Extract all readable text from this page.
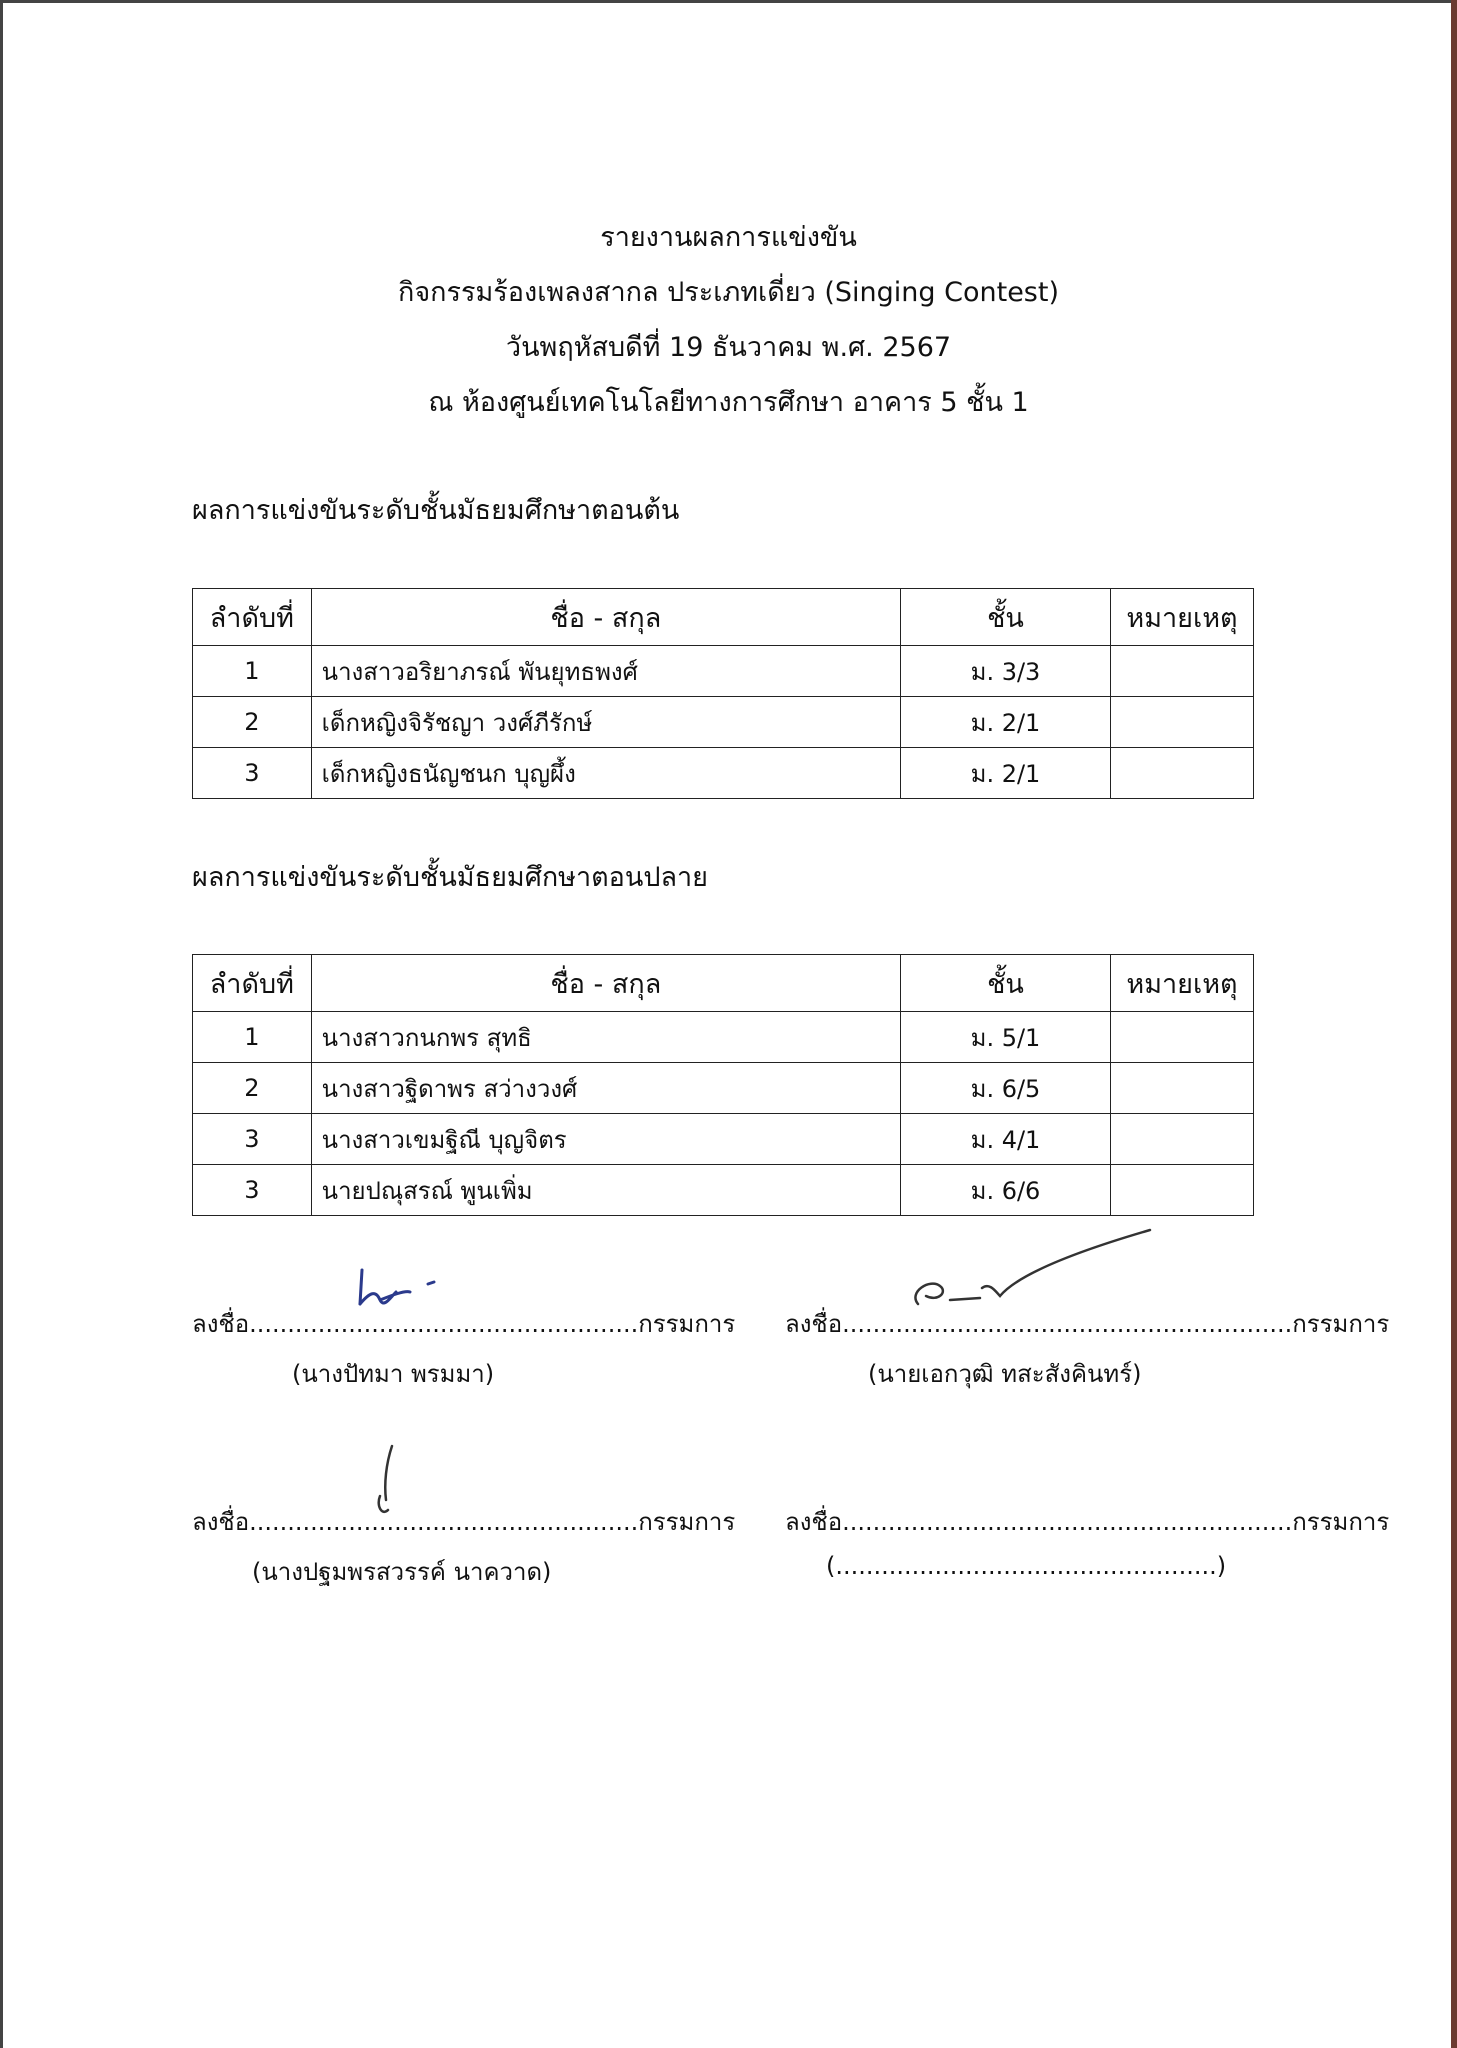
รายงานผลการแข่งขัน
กิจกรรมร้องเพลงสากล ประเภทเดี่ยว (Singing Contest)
วันพฤหัสบดีที่ 19 ธันวาคม พ.ศ. 2567
ณ ห้องศูนย์เทคโนโลยีทางการศึกษา อาคาร 5 ชั้น 1
ผลการแข่งขันระดับชั้นมัธยมศึกษาตอนต้น
ลำดับที่	ชื่อ - สกุล	ชั้น	หมายเหตุ
1	นางสาวอริยาภรณ์ พันยุทธพงศ์	ม. 3/3	
2	เด็กหญิงจิรัชญา วงศ์ภีรักษ์	ม. 2/1	
3	เด็กหญิงธนัญชนก บุญผึ้ง	ม. 2/1	
ผลการแข่งขันระดับชั้นมัธยมศึกษาตอนปลาย
ลำดับที่	ชื่อ - สกุล	ชั้น	หมายเหตุ
1	นางสาวกนกพร สุทธิ	ม. 5/1	
2	นางสาวฐิดาพร สว่างวงศ์	ม. 6/5	
3	นางสาวเขมฐิณี บุญจิตร	ม. 4/1	
3	นายปณุสรณ์ พูนเพิ่ม	ม. 6/6	
ลงชื่อ...................................................กรรมการ
(นางปัทมา พรมมา)
ลงชื่อ...........................................................กรรมการ
(นายเอกวุฒิ ทสะสังคินทร์)
ลงชื่อ...................................................กรรมการ
(นางปฐมพรสวรรค์ นาควาด)
ลงชื่อ...........................................................กรรมการ
(..................................................)
